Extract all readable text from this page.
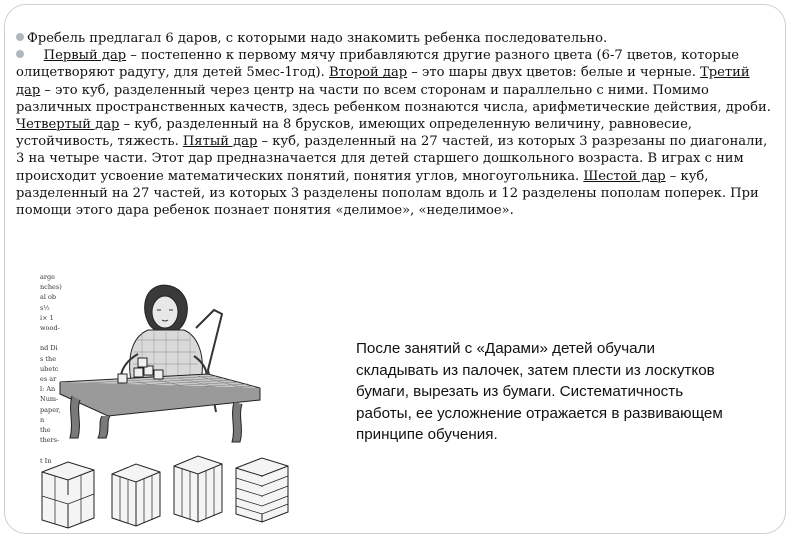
Фребель предлагал 6 даров, с которыми надо знакомить ребенка последовательно.
Первый дар – постепенно к первому мячу прибавляются другие разного цвета (6-7 цветов, которые олицетворяют радугу, для детей 5мес-1год). Второй дар – это шары двух цветов: белые и черные. Третий дар – это куб, разделенный через центр на части по всем сторонам и параллельно с ними. Помимо различных пространственных качеств, здесь ребенком познаются числа, арифметические действия, дроби. Четвертый дар – куб, разделенный на 8 брусков, имеющих определенную величину, равновесие, устойчивость, тяжесть. Пятый дар – куб, разделенный на 27 частей, из которых 3 разрезаны по диагонали, 3 на четыре части. Этот дар предназначается для детей старшего дошкольного возраста. В играх с ним происходит усвоение математических понятий, понятия углов, многоугольника. Шестой дар – куб, разделенный на 27 частей, из которых 3 разделены пополам вдоль и 12 разделены пополам поперек. При помощи этого дара ребенок познает понятия «делимое», «неделимое».
arge
nches)
al ob
s½
i× 1
wood-

nd Di
s the
ubetc
es ar
l: An
Num-
paper,
n
the
thers-

t In
После занятий с «Дарами» детей обучали складывать из палочек, затем плести из лоскутков бумаги, вырезать из бумаги. Систематичность работы, ее услoжнение отражается в развивающем принципе обучения.
